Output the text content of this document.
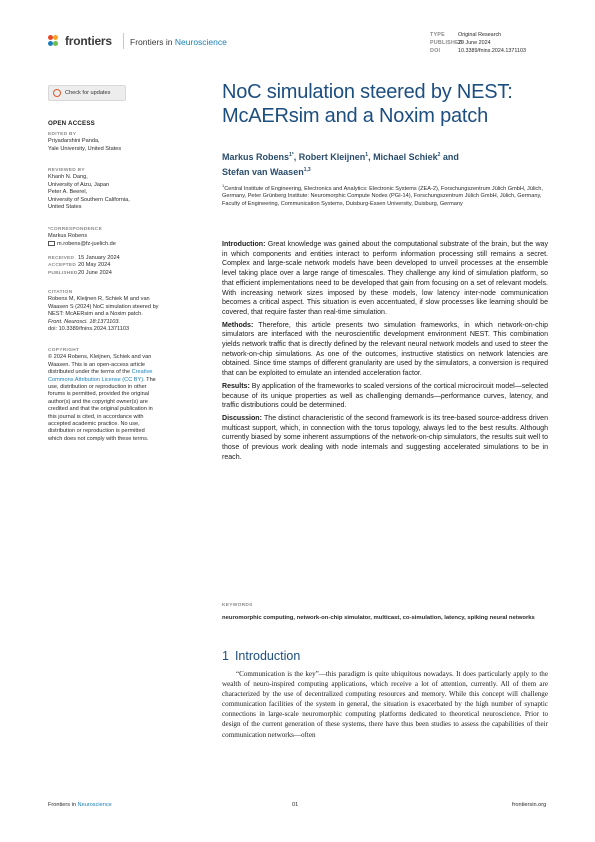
frontiers Frontiers in Neuroscience
TYPE Original Research
PUBLISHED20 June 2024
DOI	10.3389/fnins.2024.1371103
Check for updates
OPEN ACCESS
EDITED BY
Priyadarshini Panda,
Yale University, United States
REVIEWED BY
Khanh N. Dang,
University of Aizu, Japan
Peter A. Beerel,
University of Southern California,
United States
*CORRESPONDENCE
Markus Robens
m.robens@fz-juelich.de
RECEIVED 15 January 2024
ACCEPTED 20 May 2024
PUBLISHED20 June 2024
CITATION
Robens M, Kleijnen R, Schiek M and van
Waasen S (2024) NoC simulation steered by
NEST: McAERsim and a Noxim patch.
Front. Neurosci. 18:1371103.
doi: 10.3389/fnins.2024.1371103
COPYRIGHT
© 2024 Robens, Kleijnen, Schiek and van
Waasen. This is an open-access article
distributed under the terms of the Creative
Commons Attribution License (CC BY). The
use, distribution or reproduction in other
forums is permitted, provided the original
author(s) and the copyright owner(s) are
credited and that the original publication in
this journal is cited, in accordance with
accepted academic practice. No use,
distribution or reproduction is permitted
which does not comply with these terms.
NoC simulation steered by NEST:
McAERsim and a Noxim patch
Markus Robens$^{1*}$, Robert Kleijnen$^1$, Michael Schiek$^2$ and
Stefan van Waasen$^{1,3}$
$^1$Central Institute of Engineering, Electronics and Analytics: Electronic Systems (ZEA-2), Forschungszentrum Jülich GmbH, Jülich, Germany, Peter Grünberg Institute: Neuromorphic Compute Nodes (PGI-14), Forschungszentrum Jülich GmbH, Jülich, Germany, Faculty of Engineering, Communication Systems, Duisburg-Essen University, Duisburg, Germany

Introduction: Great knowledge was gained about the computational substrate of the brain, but the way in which components and entities interact to perform information processing still remains a secret. Complex and large-scale network models have been developed to unveil processes at the ensemble level taking place over a large range of timescales. They challenge any kind of simulation platform, so that efficient implementations need to be developed that gain from focusing on a set of relevant models. With increasing network sizes imposed by these models, low latency inter-node communication becomes a critical aspect. This situation is even accentuated, if slow processes like learning should be covered, that require faster than real-time simulation.

Methods: Therefore, this article presents two simulation frameworks, in which network-on-chip simulators are interfaced with the neuroscientific development environment NEST. This combination yields network traffic that is directly defined by the relevant neural network models and used to steer the network-on-chip simulations. As one of the outcomes, instructive statistics on network latencies are obtained. Since time stamps of different granularity are used by the simulators, a conversion is required that can be exploited to emulate an intended acceleration factor.

Results: By application of the frameworks to scaled versions of the cortical microcircuit model—selected because of its unique properties as well as challenging demands—performance curves, latency, and traffic distributions could be determined.

Discussion: The distinct characteristic of the second framework is its tree-based source-address driven multicast support, which, in connection with the torus topology, always led to the best results. Although currently biased by some inherent assumptions of the network-on-chip simulators, the results suit well to those of previous work dealing with node internals and suggesting accelerated simulations to be in reach.

KEYWORDS
neuromorphic computing, network-on-chip simulator, multicast, co-simulation, latency, spiking neural networks
1 Introduction
“Communication is the key”—this paradigm is quite ubiquitous nowadays. It does particularly apply to the wealth of neuro-inspired computing applications, which receive a lot of attention, currently. All of them are characterized by the use of decentralized computing resources and memory. While this concept will challenge communication facilities of the system in general, the situation is exacerbated by the high number of synaptic connections in large-scale neuromorphic computing platforms dedicated to theoretical neuroscience. Prior to design of the current generation of these systems, there have thus been studies to assess the capabilities of their communication networks—often
Frontiers in Neuroscience	01	frontiersin.org
